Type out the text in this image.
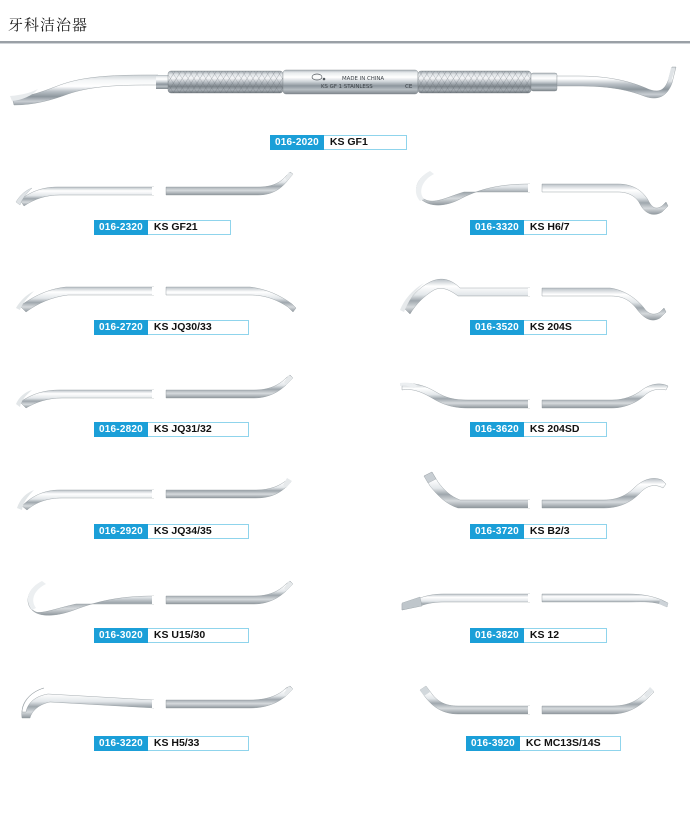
牙科洁治器
MADE IN CHINA
KS GF 1 STAINLESS	CE
016-2020	KS GF1
016-2320	KS GF21
016-2720	KS JQ30/33
016-2820	KS JQ31/32
016-2920	KS JQ34/35
016-3020	KS U15/30
016-3220	KS H5/33
016-3320	KS H6/7
016-3520	KS 204S
016-3620	KS 204SD
016-3720	KS B2/3
016-3820	KS 12
016-3920	KC MC13S/14S
